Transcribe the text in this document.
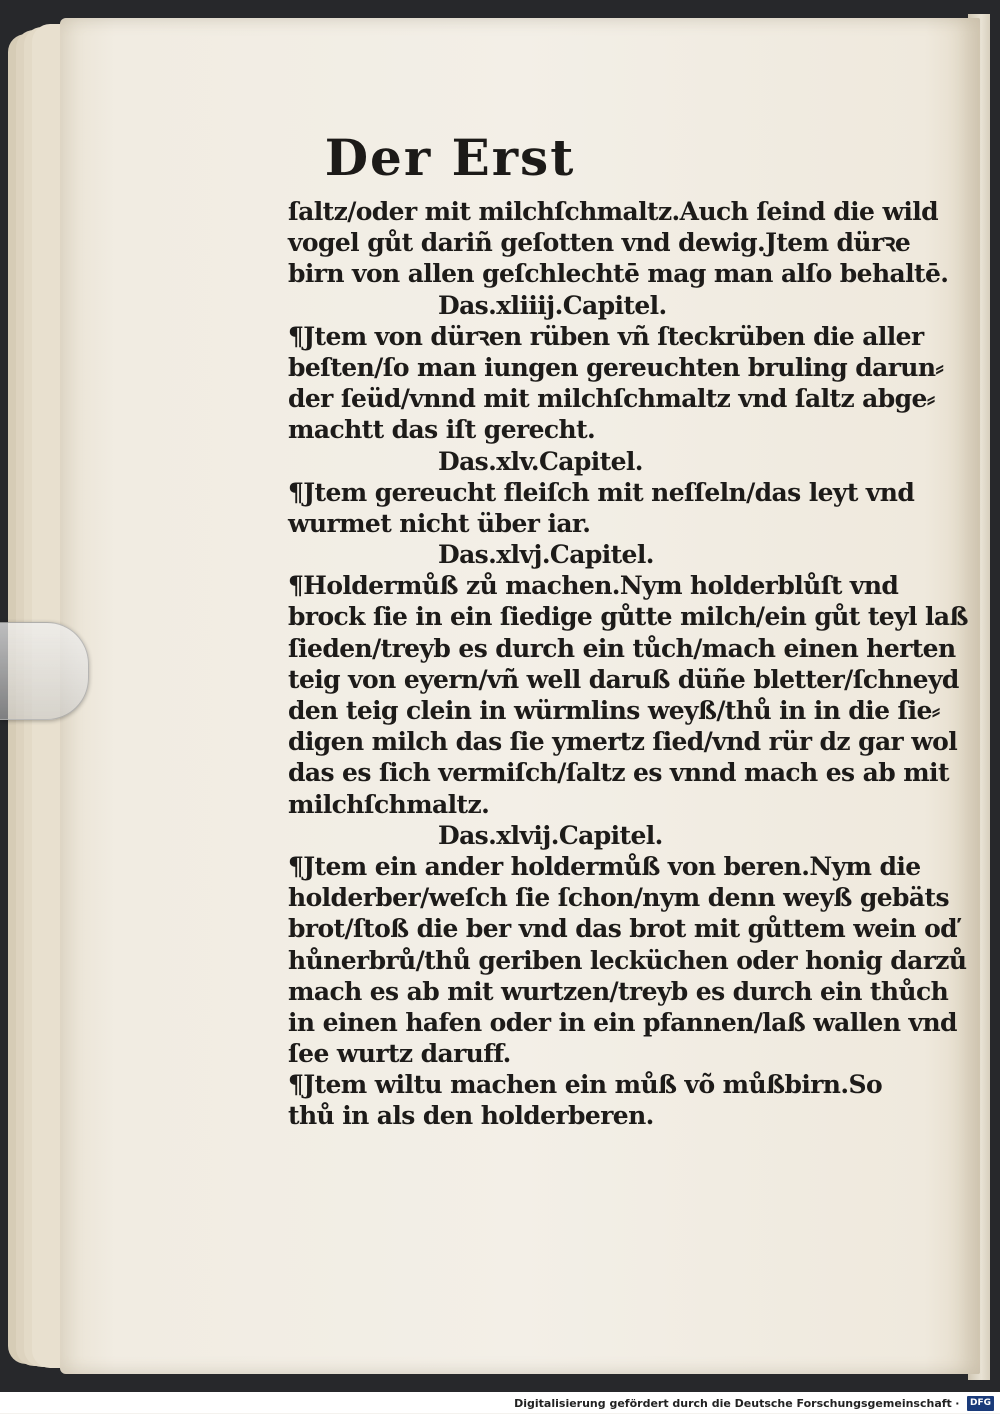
Der Erst
ſaltz/oder mit milchſchmaltz.Auch ſeind die wild
vogel gůt dariñ geſotten vnd dewig.Jtem dürꝛe
birn von allen geſchlechtē mag man alſo behaltē.
Das.xliiij.Capitel.
¶Jtem von dürꝛen rüben vñ ſteckrüben die aller
beſten/ſo man iungen gereuchten bruling darun⸗
der ſeüd/vnnd mit milchſchmaltz vnd ſaltz abge⸗
machtt das iſt gerecht.
Das.xlv.Capitel.
¶Jtem gereucht fleiſch mit neſſeln/das leyt vnd
wurmet nicht über iar.
Das.xlvj.Capitel.
¶Holdermůß zů machen.Nym holderblůſt vnd
brock ſie in ein ſiedige gůtte milch/ein gůt teyl laß
ſieden/treyb es durch ein tůch/mach einen herten
teig von eyern/vñ well daruß düñe bletter/ſchneyd
den teig clein in würmlins weyß/thů in in die ſie⸗
digen milch das ſie ymertz ſied/vnd rür dz gar wol
das es ſich vermiſch/ſaltz es vnnd mach es ab mit
milchſchmaltz.
Das.xlvij.Capitel.
¶Jtem ein ander holdermůß von beren.Nym die
holderber/weſch ſie ſchon/nym denn weyß gebäts
brot/ſtoß die ber vnd das brot mit gůttem wein oď
hůnerbrů/thů geriben lecküchen oder honig darzů
mach es ab mit wurtzen/treyb es durch ein thůch
in einen hafen oder in ein pfannen/laß wallen vnd
ſee wurtz daruff.
¶Jtem wiltu machen ein můß võ můßbirn.So
thů in als den holderberen.
Digitalisierung gefördert durch die Deutsche Forschungsgemeinschaft · DFG
